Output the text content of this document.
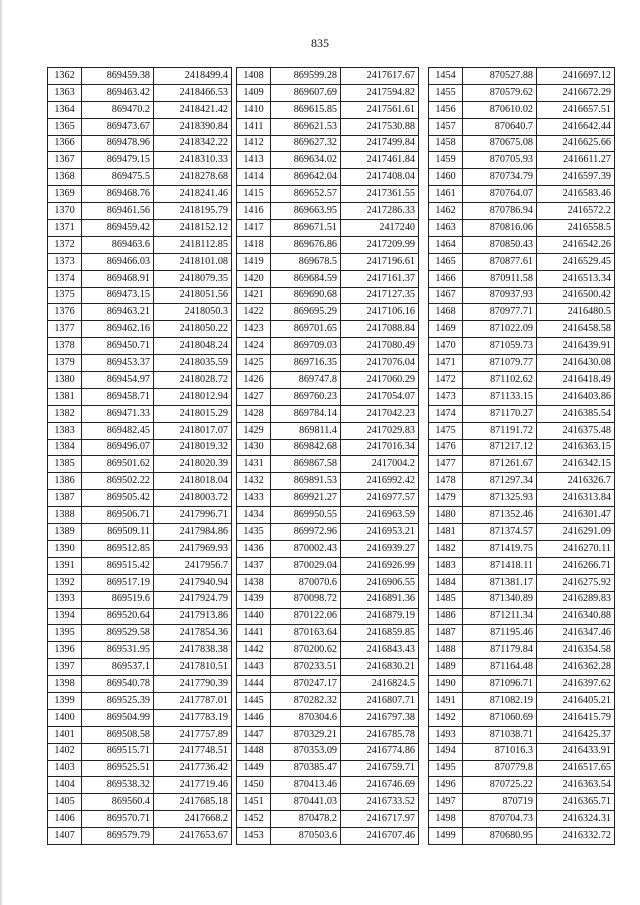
835
1362	869459.38	2418499.4
1363	869463.42	2418466.53
1364	869470.2	2418421.42
1365	869473.67	2418390.84
1366	869478.96	2418342.22
1367	869479.15	2418310.33
1368	869475.5	2418278.68
1369	869468.76	2418241.46
1370	869461.56	2418195.79
1371	869459.42	2418152.12
1372	869463.6	2418112.85
1373	869466.03	2418101.08
1374	869468.91	2418079.35
1375	869473.15	2418051.56
1376	869463.21	2418050.3
1377	869462.16	2418050.22
1378	869450.71	2418048.24
1379	869453.37	2418035.59
1380	869454.97	2418028.72
1381	869458.71	2418012.94
1382	869471.33	2418015.29
1383	869482.45	2418017.07
1384	869496.07	2418019.32
1385	869501.62	2418020.39
1386	869502.22	2418018.04
1387	869505.42	2418003.72
1388	869506.71	2417996.71
1389	869509.11	2417984.86
1390	869512.85	2417969.93
1391	869515.42	2417956.7
1392	869517.19	2417940.94
1393	869519.6	2417924.79
1394	869520.64	2417913.86
1395	869529.58	2417854.36
1396	869531.95	2417838.38
1397	869537.1	2417810.51
1398	869540.78	2417790.39
1399	869525.39	2417787.01
1400	869504.99	2417783.19
1401	869508.58	2417757.89
1402	869515.71	2417748.51
1403	869525.51	2417736.42
1404	869538.32	2417719.46
1405	869560.4	2417685.18
1406	869570.71	2417668.2
1407	869579.79	2417653.67
1408	869599.28	2417617.67
1409	869607.69	2417594.82
1410	869615.85	2417561.61
1411	869621.53	2417530.88
1412	869627.32	2417499.84
1413	869634.02	2417461.84
1414	869642.04	2417408.04
1415	869652.57	2417361.55
1416	869663.95	2417286.33
1417	869671.51	2417240
1418	869676.86	2417209.99
1419	869678.5	2417196.61
1420	869684.59	2417161.37
1421	869690.68	2417127.35
1422	869695.29	2417106.16
1423	869701.65	2417088.84
1424	869709.03	2417080.49
1425	869716.35	2417076.04
1426	869747.8	2417060.29
1427	869760.23	2417054.07
1428	869784.14	2417042.23
1429	869811.4	2417029.83
1430	869842.68	2417016.34
1431	869867.58	2417004.2
1432	869891.53	2416992.42
1433	869921.27	2416977.57
1434	869950.55	2416963.59
1435	869972.96	2416953.21
1436	870002.43	2416939.27
1437	870029.04	2416926.99
1438	870070.6	2416906.55
1439	870098.72	2416891.36
1440	870122.06	2416879.19
1441	870163.64	2416859.85
1442	870200.62	2416843.43
1443	870233.51	2416830.21
1444	870247.17	2416824.5
1445	870282.32	2416807.71
1446	870304.6	2416797.38
1447	870329.21	2416785.78
1448	870353.09	2416774.86
1449	870385.47	2416759.71
1450	870413.46	2416746.69
1451	870441.03	2416733.52
1452	870478.2	2416717.97
1453	870503.6	2416707.46
1454	870527.88	2416697.12
1455	870579.62	2416672.29
1456	870610.02	2416657.51
1457	870640.7	2416642.44
1458	870675.08	2416625.66
1459	870705.93	2416611.27
1460	870734.79	2416597.39
1461	870764.07	2416583.46
1462	870786.94	2416572.2
1463	870816.06	2416558.5
1464	870850.43	2416542.26
1465	870877.61	2416529.45
1466	870911.58	2416513.34
1467	870937.93	2416500.42
1468	870977.71	2416480.5
1469	871022.09	2416458.58
1470	871059.73	2416439.91
1471	871079.77	2416430.08
1472	871102.62	2416418.49
1473	871133.15	2416403.86
1474	871170.27	2416385.54
1475	871191.72	2416375.48
1476	871217.12	2416363.15
1477	871261.67	2416342.15
1478	871297.34	2416326.7
1479	871325.93	2416313.84
1480	871352.46	2416301.47
1481	871374.57	2416291.09
1482	871419.75	2416270.11
1483	871418.11	2416266.71
1484	871381.17	2416275.92
1485	871340.89	2416289.83
1486	871211.34	2416340.88
1487	871195.46	2416347.46
1488	871179.84	2416354.58
1489	871164.48	2416362.28
1490	871096.71	2416397.62
1491	871082.19	2416405.21
1492	871060.69	2416415.79
1493	871038.71	2416425.37
1494	871016.3	2416433.91
1495	870779.8	2416517.65
1496	870725.22	2416363.54
1497	870719	2416365.71
1498	870704.73	2416324.31
1499	870680.95	2416332.72
